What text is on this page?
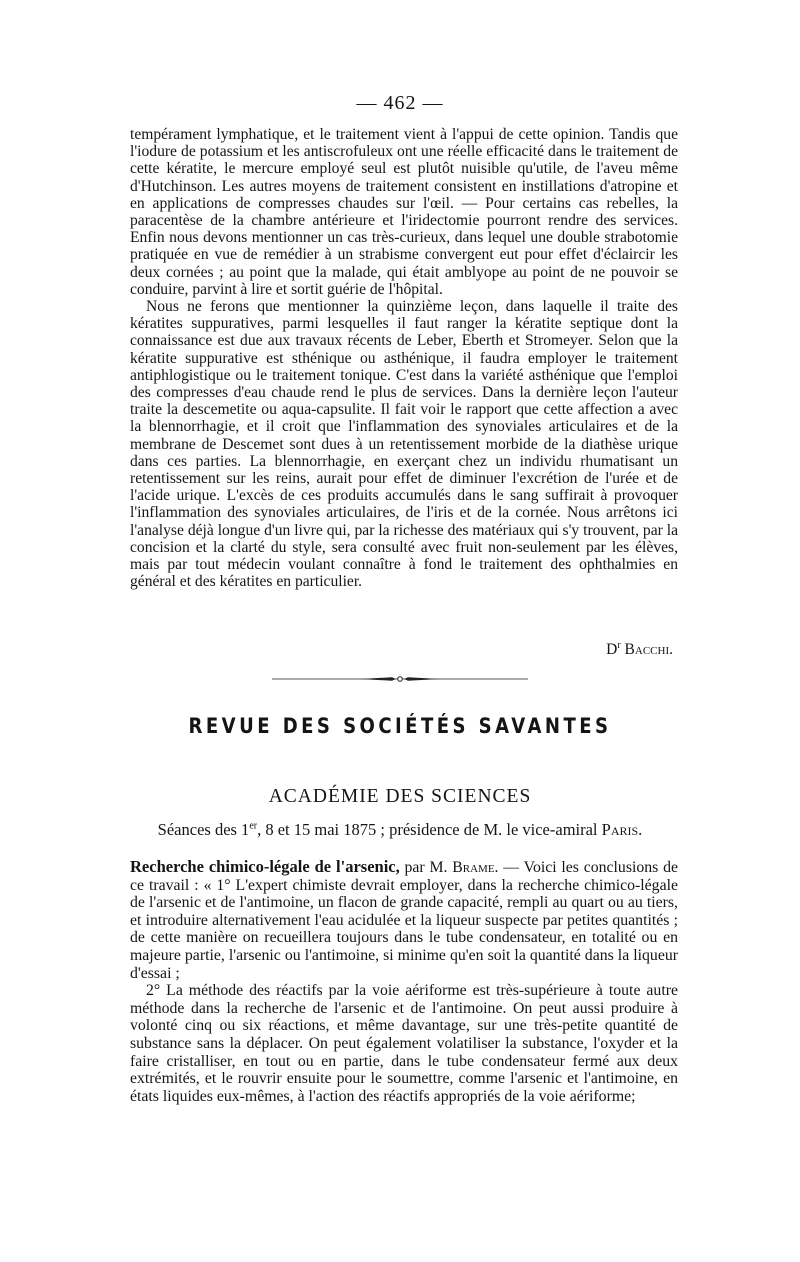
— 462 —

tempérament lymphatique, et le traitement vient à l'appui de cette opinion. Tandis que l'iodure de potassium et les antiscrofuleux ont une réelle efficacité dans le traitement de cette kératite, le mercure employé seul est plutôt nuisible qu'utile, de l'aveu même d'Hutchinson. Les autres moyens de traitement consistent en instillations d'atropine et en applications de compresses chaudes sur l'œil. — Pour certains cas rebelles, la paracentèse de la chambre antérieure et l'iridectomie pourront rendre des services. Enfin nous devons mentionner un cas très-curieux, dans lequel une double strabotomie pratiquée en vue de remédier à un strabisme convergent eut pour effet d'éclaircir les deux cornées ; au point que la malade, qui était amblyope au point de ne pouvoir se conduire, parvint à lire et sortit guérie de l'hôpital.

Nous ne ferons que mentionner la quinzième leçon, dans laquelle il traite des kératites suppuratives, parmi lesquelles il faut ranger la kératite septique dont la connaissance est due aux travaux récents de Leber, Eberth et Stromeyer. Selon que la kératite suppurative est sthénique ou asthénique, il faudra employer le traitement antiphlogistique ou le traitement tonique. C'est dans la variété asthénique que l'emploi des compresses d'eau chaude rend le plus de services. Dans la dernière leçon l'auteur traite la descemetite ou aqua-capsulite. Il fait voir le rapport que cette affection a avec la blennorrhagie, et il croit que l'inflammation des synoviales articulaires et de la membrane de Descemet sont dues à un retentissement morbide de la diathèse urique dans ces parties. La blennorrhagie, en exerçant chez un individu rhumatisant un retentissement sur les reins, aurait pour effet de diminuer l'excrétion de l'urée et de l'acide urique. L'excès de ces produits accumulés dans le sang suffirait à provoquer l'inflammation des synoviales articulaires, de l'iris et de la cornée. Nous arrêtons ici l'analyse déjà longue d'un livre qui, par la richesse des matériaux qui s'y trouvent, par la concision et la clarté du style, sera consulté avec fruit non-seulement par les élèves, mais par tout médecin voulant connaître à fond le traitement des ophthalmies en général et des kératites en particulier.

$D^r$ Bacchi.
REVUE DES SOCIÉTÉS SAVANTES
ACADÉMIE DES SCIENCES
Séances des 1er, 8 et 15 mai 1875 ; présidence de M. le vice-amiral Paris.

Recherche chimico-légale de l'arsenic, par M. Brame. — Voici les conclusions de ce travail : « 1° L'expert chimiste devrait employer, dans la recherche chimico-légale de l'arsenic et de l'antimoine, un flacon de grande capacité, rempli au quart ou au tiers, et introduire alternativement l'eau acidulée et la liqueur suspecte par petites quantités ; de cette manière on recueillera toujours dans le tube condensateur, en totalité ou en majeure partie, l'arsenic ou l'antimoine, si minime qu'en soit la quantité dans la liqueur d'essai ;

2° La méthode des réactifs par la voie aériforme est très-supérieure à toute autre méthode dans la recherche de l'arsenic et de l'antimoine. On peut aussi produire à volonté cinq ou six réactions, et même davantage, sur une très-petite quantité de substance sans la déplacer. On peut également volatiliser la substance, l'oxyder et la faire cristalliser, en tout ou en partie, dans le tube condensateur fermé aux deux extrémités, et le rouvrir ensuite pour le soumettre, comme l'arsenic et l'antimoine, en états liquides eux-mêmes, à l'action des réactifs appropriés de la voie aériforme;
